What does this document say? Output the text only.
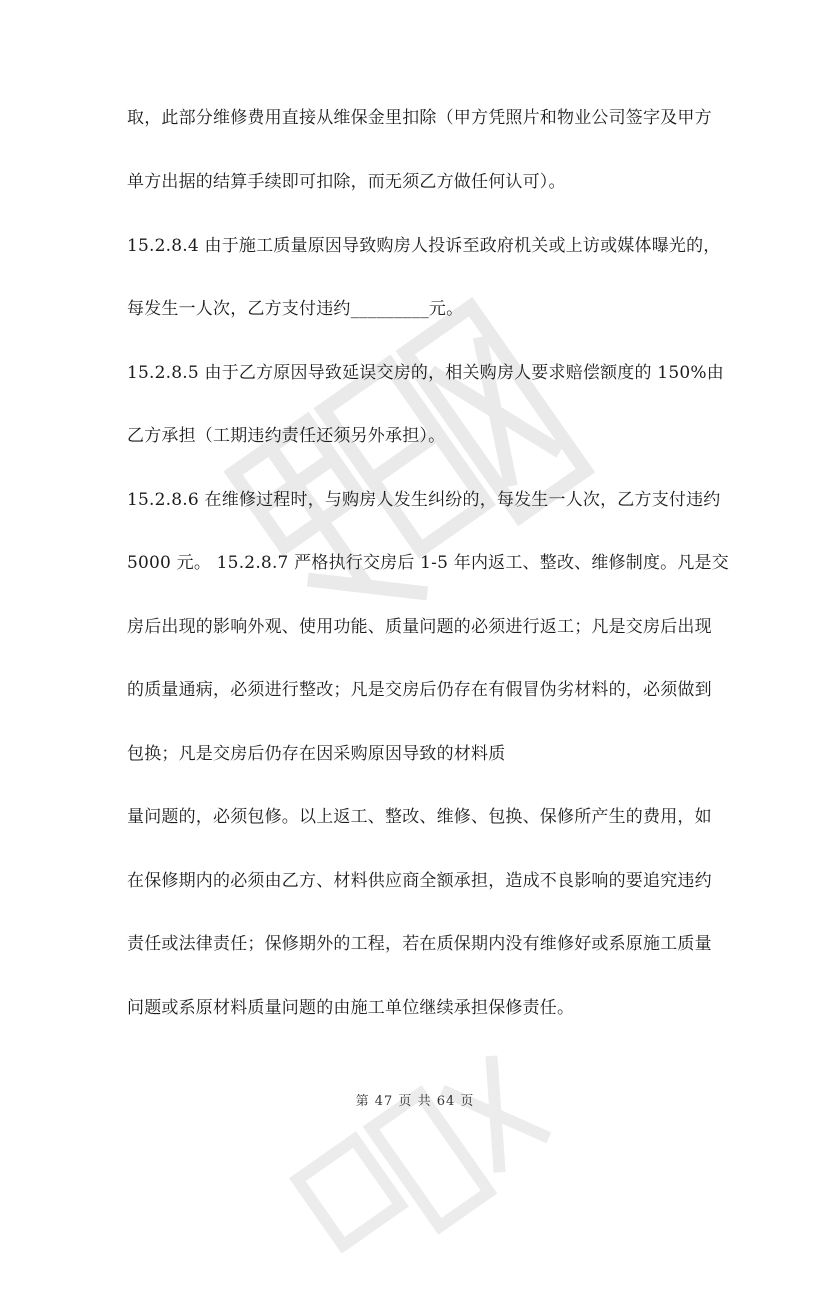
取，此部分维修费用直接从维保金里扣除（甲方凭照片和物业公司签字及甲方
单方出据的结算手续即可扣除，而无须乙方做任何认可）。
15.2.8.4 由于施工质量原因导致购房人投诉至政府机关或上访或媒体曝光的，
每发生一人次，乙方支付违约_________元。
15.2.8.5 由于乙方原因导致延误交房的，相关购房人要求赔偿额度的 150%由
乙方承担（工期违约责任还须另外承担）。
15.2.8.6 在维修过程时，与购房人发生纠纷的，每发生一人次，乙方支付违约
5000 元。 15.2.8.7 严格执行交房后 1-5 年内返工、整改、维修制度。凡是交
房后出现的影响外观、使用功能、质量问题的必须进行返工；凡是交房后出现
的质量通病，必须进行整改；凡是交房后仍存在有假冒伪劣材料的，必须做到
包换；凡是交房后仍存在因采购原因导致的材料质
量问题的，必须包修。以上返工、整改、维修、包换、保修所产生的费用，如
在保修期内的必须由乙方、材料供应商全额承担，造成不良影响的要追究违约
责任或法律责任；保修期外的工程，若在质保期内没有维修好或系原施工质量
问题或系原材料质量问题的由施工单位继续承担保修责任。
第 47 页 共 64 页
